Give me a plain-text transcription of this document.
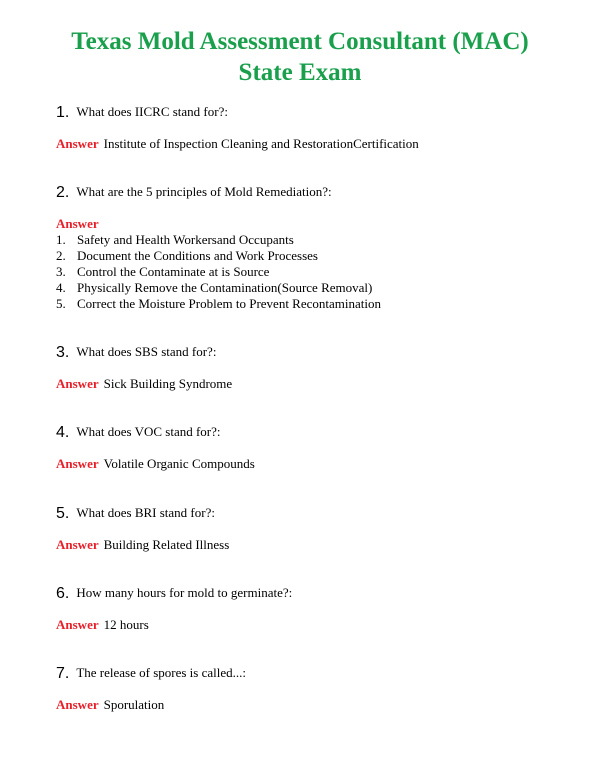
Texas Mold Assessment Consultant (MAC)
State Exam
1. What does IICRC stand for?:
Answer Institute of Inspection Cleaning and RestorationCertification
2. What are the 5 principles of Mold Remediation?:
Answer
1. Safety and Health Workersand Occupants
2. Document the Conditions and Work Processes
3. Control the Contaminate at is Source
4. Physically Remove the Contamination(Source Removal)
5. Correct the Moisture Problem to Prevent Recontamination
3. What does SBS stand for?:
Answer Sick Building Syndrome
4. What does VOC stand for?:
Answer Volatile Organic Compounds
5. What does BRI stand for?:
Answer Building Related Illness
6. How many hours for mold to germinate?:
Answer 12 hours
7. The release of spores is called...:
Answer Sporulation
